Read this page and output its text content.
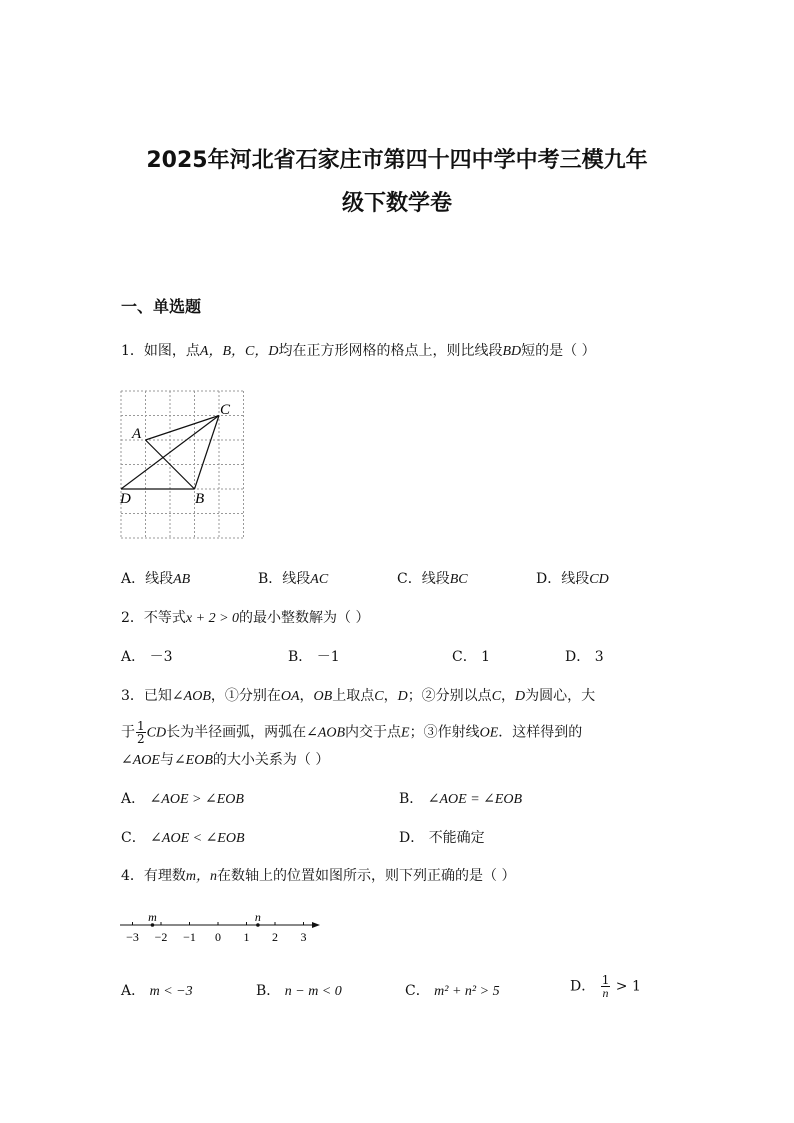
2025年河北省石家庄市第四十四中学中考三模九年
级下数学卷
一、单选题
1．如图，点A，B，C，D均在正方形网格的格点上，则比线段BD短的是（ ）
C
A
D	B
A．线段AB	B．线段AC	C．线段BC	D．线段CD
2．不等式x + 2 > 0的最小整数解为（ ）
A． －3	B． －1	C． 1	D． 3
3．已知∠AOB，①分别在OA，OB上取点C，D；②分别以点C，D为圆心，大
于 $\frac{1}{2}$ CD长为半径画弧，两弧在∠AOB内交于点E；③作射线OE．这样得到的
∠AOE与∠EOB的大小关系为（ ）
A． ∠AOE > ∠EOB	B． ∠AOE = ∠EOB
C． ∠AOE < ∠EOB	D． 不能确定
4．有理数m，n在数轴上的位置如图所示，则下列正确的是（ ）
−3 −2 −1 0 1 2 3
m	n
A． m < −3	B． n − m < 0	C． m² + n² > 5	D． $\frac{1}{n} > 1$
